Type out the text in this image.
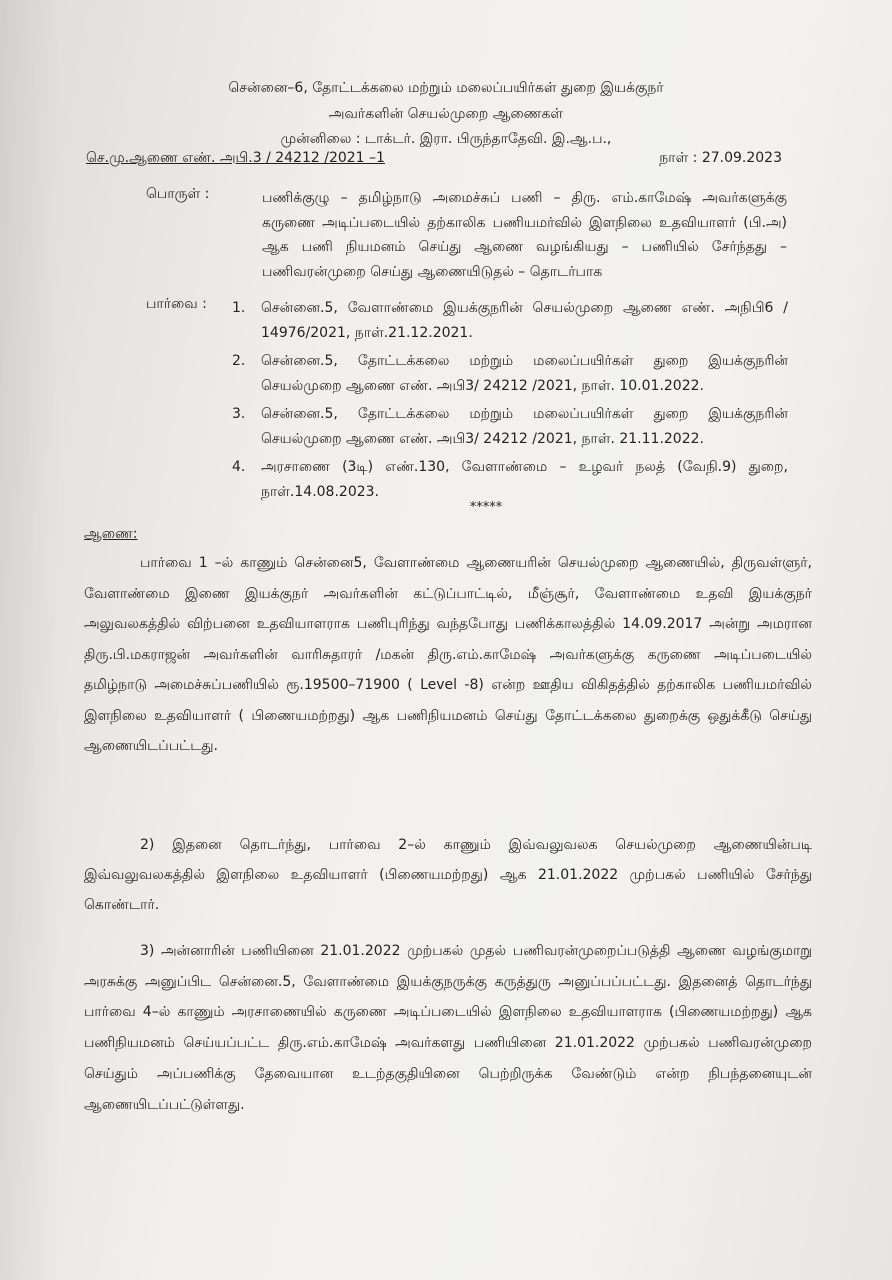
சென்னை–6, தோட்டக்கலை மற்றும் மலைப்பயிர்கள் துறை இயக்குநர்
அவர்களின் செயல்முறை ஆணைகள்
முன்னிலை : டாக்டர். இரா. பிருந்தாதேவி. இ.ஆ.ப.,
செ.மு.ஆணை எண். அபி.3 / 24212 /2021 –1	நாள் : 27.09.2023
பொருள் :	பணிக்குழு – தமிழ்நாடு அமைச்சுப் பணி – திரு. எம்.காமேஷ் அவர்களுக்கு கருணை அடிப்படையில் தற்காலிக பணியமர்வில் இளநிலை உதவியாளர் (பி.அ) ஆக பணி நியமனம் செய்து ஆணை வழங்கியது – பணியில் சேர்ந்தது – பணிவரன்முறை செய்து ஆணையிடுதல் – தொடர்பாக
பார்வை : 1. சென்னை.5, வேளாண்மை இயக்குநரின் செயல்முறை ஆணை எண். அநிபி6 / 14976/2021, நாள்.21.12.2021.
2. சென்னை.5, தோட்டக்கலை மற்றும் மலைப்பயிர்கள் துறை இயக்குநரின் செயல்முறை ஆணை எண். அபி3/ 24212 /2021, நாள். 10.01.2022.
3. சென்னை.5, தோட்டக்கலை மற்றும் மலைப்பயிர்கள் துறை இயக்குநரின் செயல்முறை ஆணை எண். அபி3/ 24212 /2021, நாள். 21.11.2022.
4. அரசாணை (3டி) எண்.130, வேளாண்மை – உழவர் நலத் (வேநி.9) துறை, நாள்.14.08.2023.
*****
ஆணை:
பார்வை 1 –ல் காணும் சென்னை5, வேளாண்மை ஆணையரின் செயல்முறை ஆணையில், திருவள்ளுர், வேளாண்மை இணை இயக்குநர் அவர்களின் கட்டுப்பாட்டில், மீஞ்சூர், வேளாண்மை உதவி இயக்குநர் அலுவலகத்தில் விற்பனை உதவியாளராக பணிபுரிந்து வந்தபோது பணிக்காலத்தில் 14.09.2017 அன்று அமரான திரு.பி.மகராஜன் அவர்களின் வாரிசுதாரர் /மகன் திரு.எம்.காமேஷ் அவர்களுக்கு கருணை அடிப்படையில் தமிழ்நாடு அமைச்சுப்பணியில் ரூ.19500–71900 ( Level -8) என்ற ஊதிய விகிதத்தில் தற்காலிக பணியமர்வில் இளநிலை உதவியாளர் ( பிணையமற்றது) ஆக பணிநியமனம் செய்து தோட்டக்கலை துறைக்கு ஒதுக்கீடு செய்து ஆணையிடப்பட்டது.
2) இதனை தொடர்ந்து, பார்வை 2–ல் காணும் இவ்வலுவலக செயல்முறை ஆணையின்படி இவ்வலுவலகத்தில் இளநிலை உதவியாளர் (பிணையமற்றது) ஆக 21.01.2022 முற்பகல் பணியில் சேர்ந்து கொண்டார்.
3) அன்னாரின் பணியினை 21.01.2022 முற்பகல் முதல் பணிவரன்முறைப்படுத்தி ஆணை வழங்குமாறு அரசுக்கு அனுப்பிட சென்னை.5, வேளாண்மை இயக்குநருக்கு கருத்துரு அனுப்பப்பட்டது. இதனைத் தொடர்ந்து பார்வை 4–ல் காணும் அரசாணையில் கருணை அடிப்படையில் இளநிலை உதவியாளராக (பிணையமற்றது) ஆக பணிநியமனம் செய்யப்பட்ட திரு.எம்.காமேஷ் அவர்களது பணியினை 21.01.2022 முற்பகல் பணிவரன்முறை செய்தும் அப்பணிக்கு தேவையான உடற்தகுதியினை பெற்றிருக்க வேண்டும் என்ற நிபந்தனையுடன் ஆணையிடப்பட்டுள்ளது.
